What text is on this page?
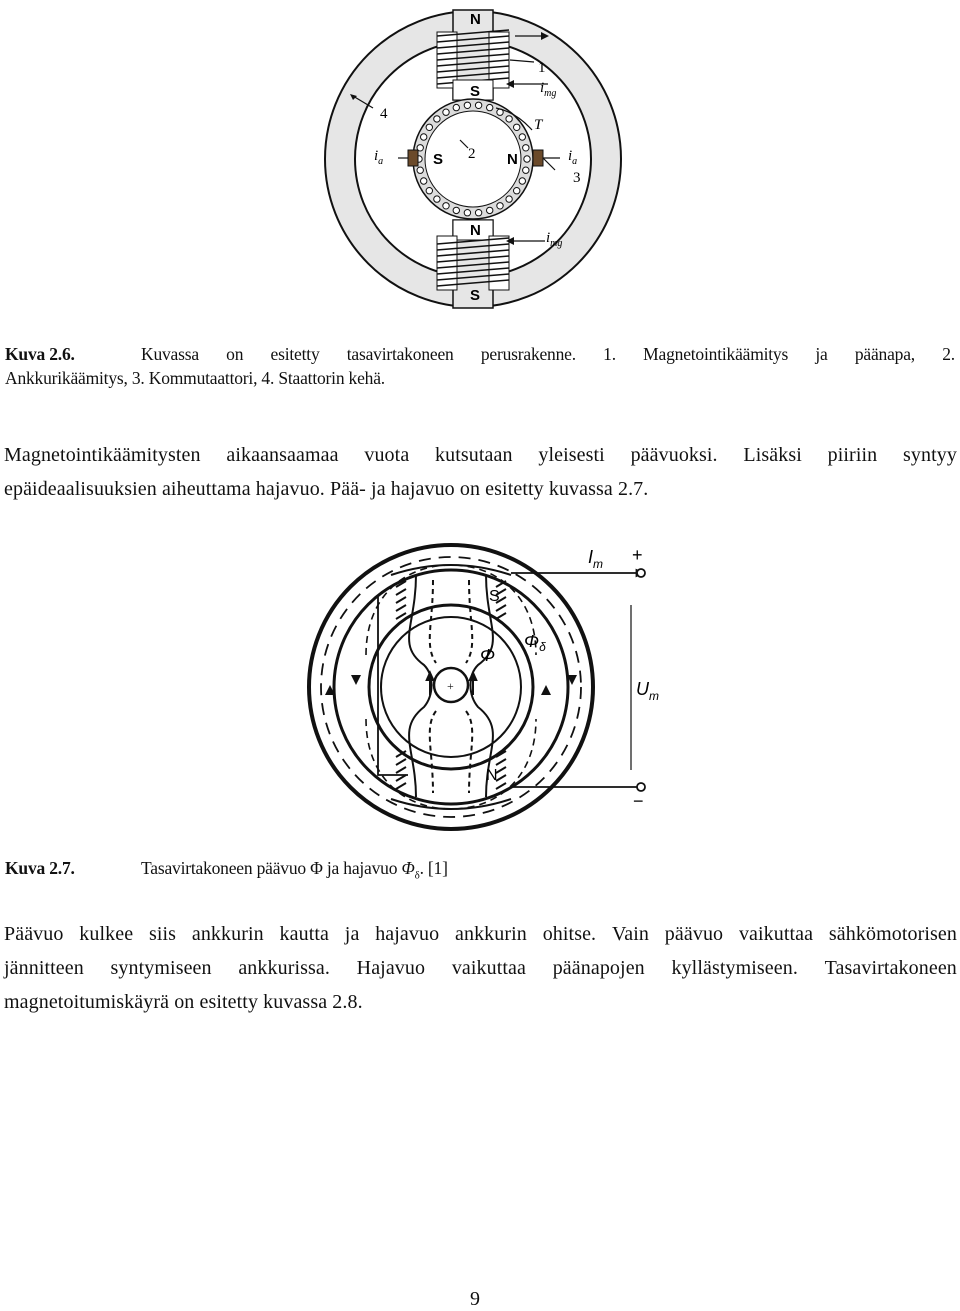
N
S
N
S
S	N
1
2
3
4
T
$i_a$	$i_a$
$i_{mg}$
$i_{mg}$
Kuva 2.6.	Kuvassa on esitetty tasavirtakoneen perusrakenne. 1. Magnetointikäämitys ja päänapa, 2.
Ankkurikäämitys, 3. Kommutaattori, 4. Staattorin kehä.
Magnetointikäämitysten aikaansaamaa vuota kutsutaan yleisesti päävuoksi. Lisäksi piiriin syntyy
epäideaalisuuksien aiheuttama hajavuo. Pää- ja hajavuo on esitetty kuvassa 2.7.
+
$I_m$ +
S
N
Φ
$\Phi_\delta$
$U_m$
−
Kuva 2.7.	Tasavirtakoneen päävuo Φ ja hajavuo $\Phi_\delta$. [1]
Päävuo kulkee siis ankkurin kautta ja hajavuo ankkurin ohitse. Vain päävuo vaikuttaa sähkömotorisen
jännitteen syntymiseen ankkurissa. Hajavuo vaikuttaa päänapojen kyllästymiseen. Tasavirtakoneen
magnetoitumiskäyrä on esitetty kuvassa 2.8.
9
